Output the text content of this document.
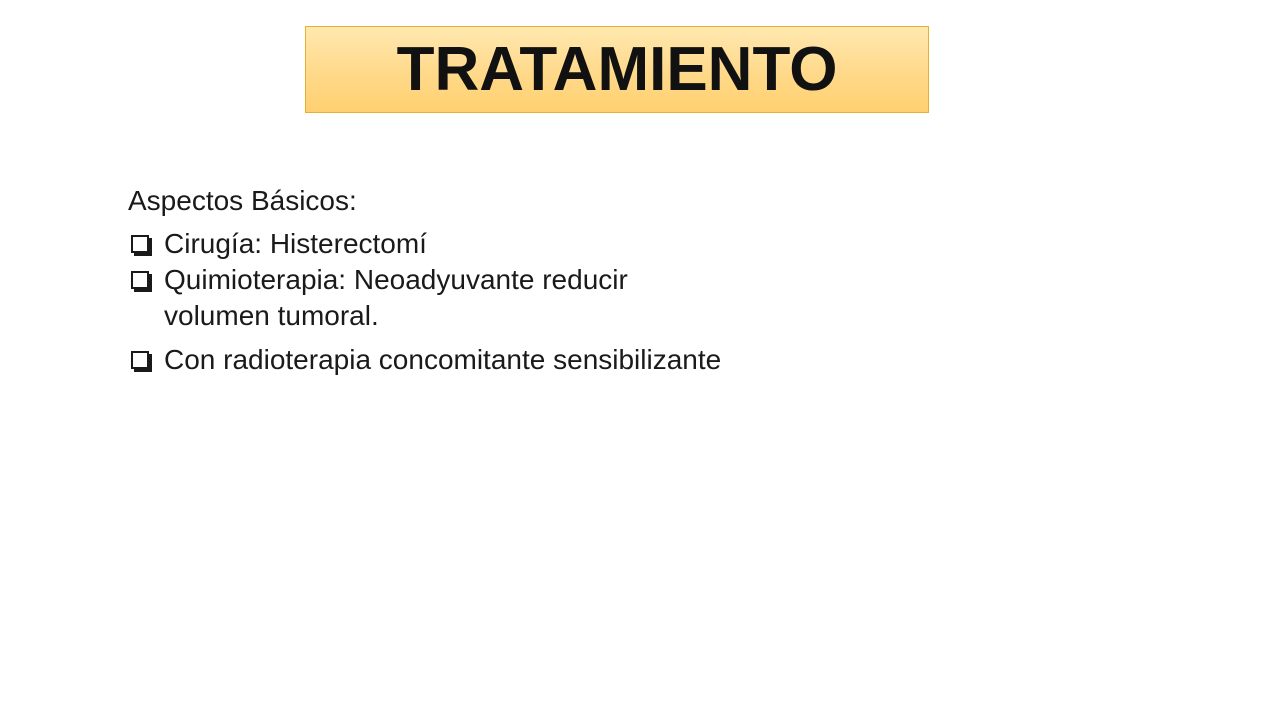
TRATAMIENTO

Aspectos Básicos:

Cirugía: Histerectomí
Quimioterapia: Neoadyuvante reducir volumen tumoral.
Con radioterapia concomitante sensibilizante
